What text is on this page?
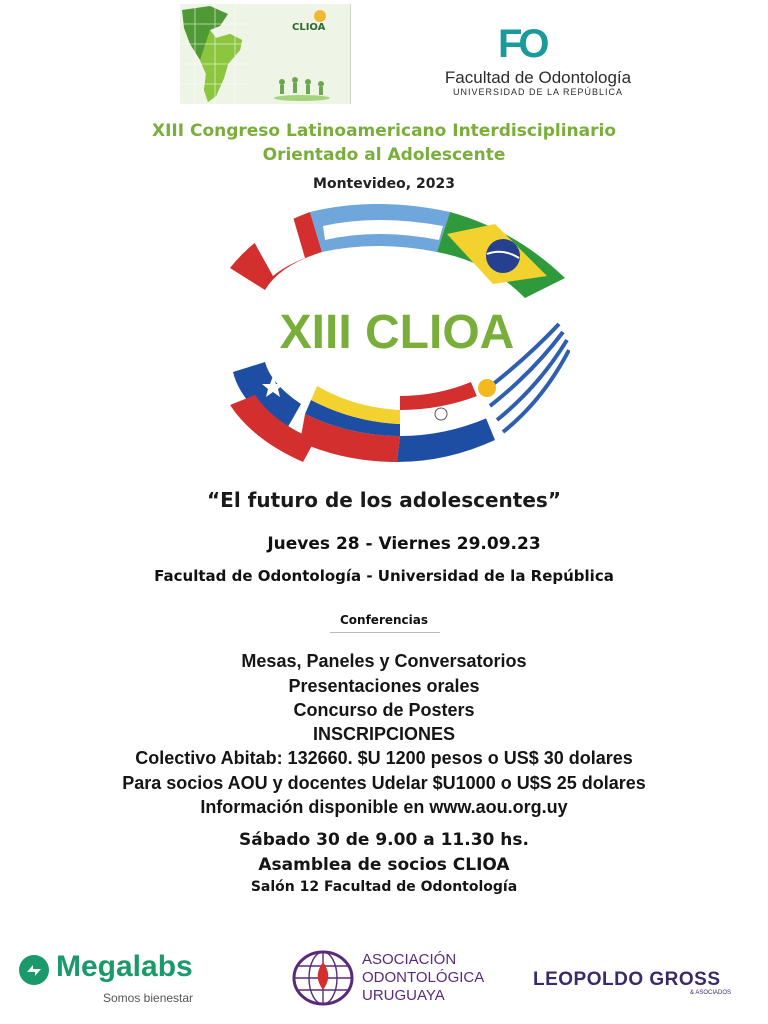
CLIOA	FO
Facultad de Odontología
UNIVERSIDAD DE LA REPÚBLICA
XIII Congreso Latinoamericano Interdisciplinario
Orientado al Adolescente
Montevideo, 2023
XIII CLIOA
“El futuro de los adolescentes”
Jueves 28 - Viernes 29.09.23
Facultad de Odontología - Universidad de la República
Conferencias
Mesas, Paneles y Conversatorios
Presentaciones orales
Concurso de Posters
INSCRIPCIONES
Colectivo Abitab: 132660. $U 1200 pesos o US$ 30 dolares
Para socios AOU y docentes Udelar $U1000 o U$S 25 dolares
Información disponible en www.aou.org.uy
Sábado 30 de 9.00 a 11.30 hs.
Asamblea de socios CLIOA
Salón 12 Facultad de Odontología
Megalabs
Somos bienestar
ASOCIACIÓN
ODONTOLÓGICA
URUGUAYA
LEOPOLDO GROSS
& ASOCIADOS
